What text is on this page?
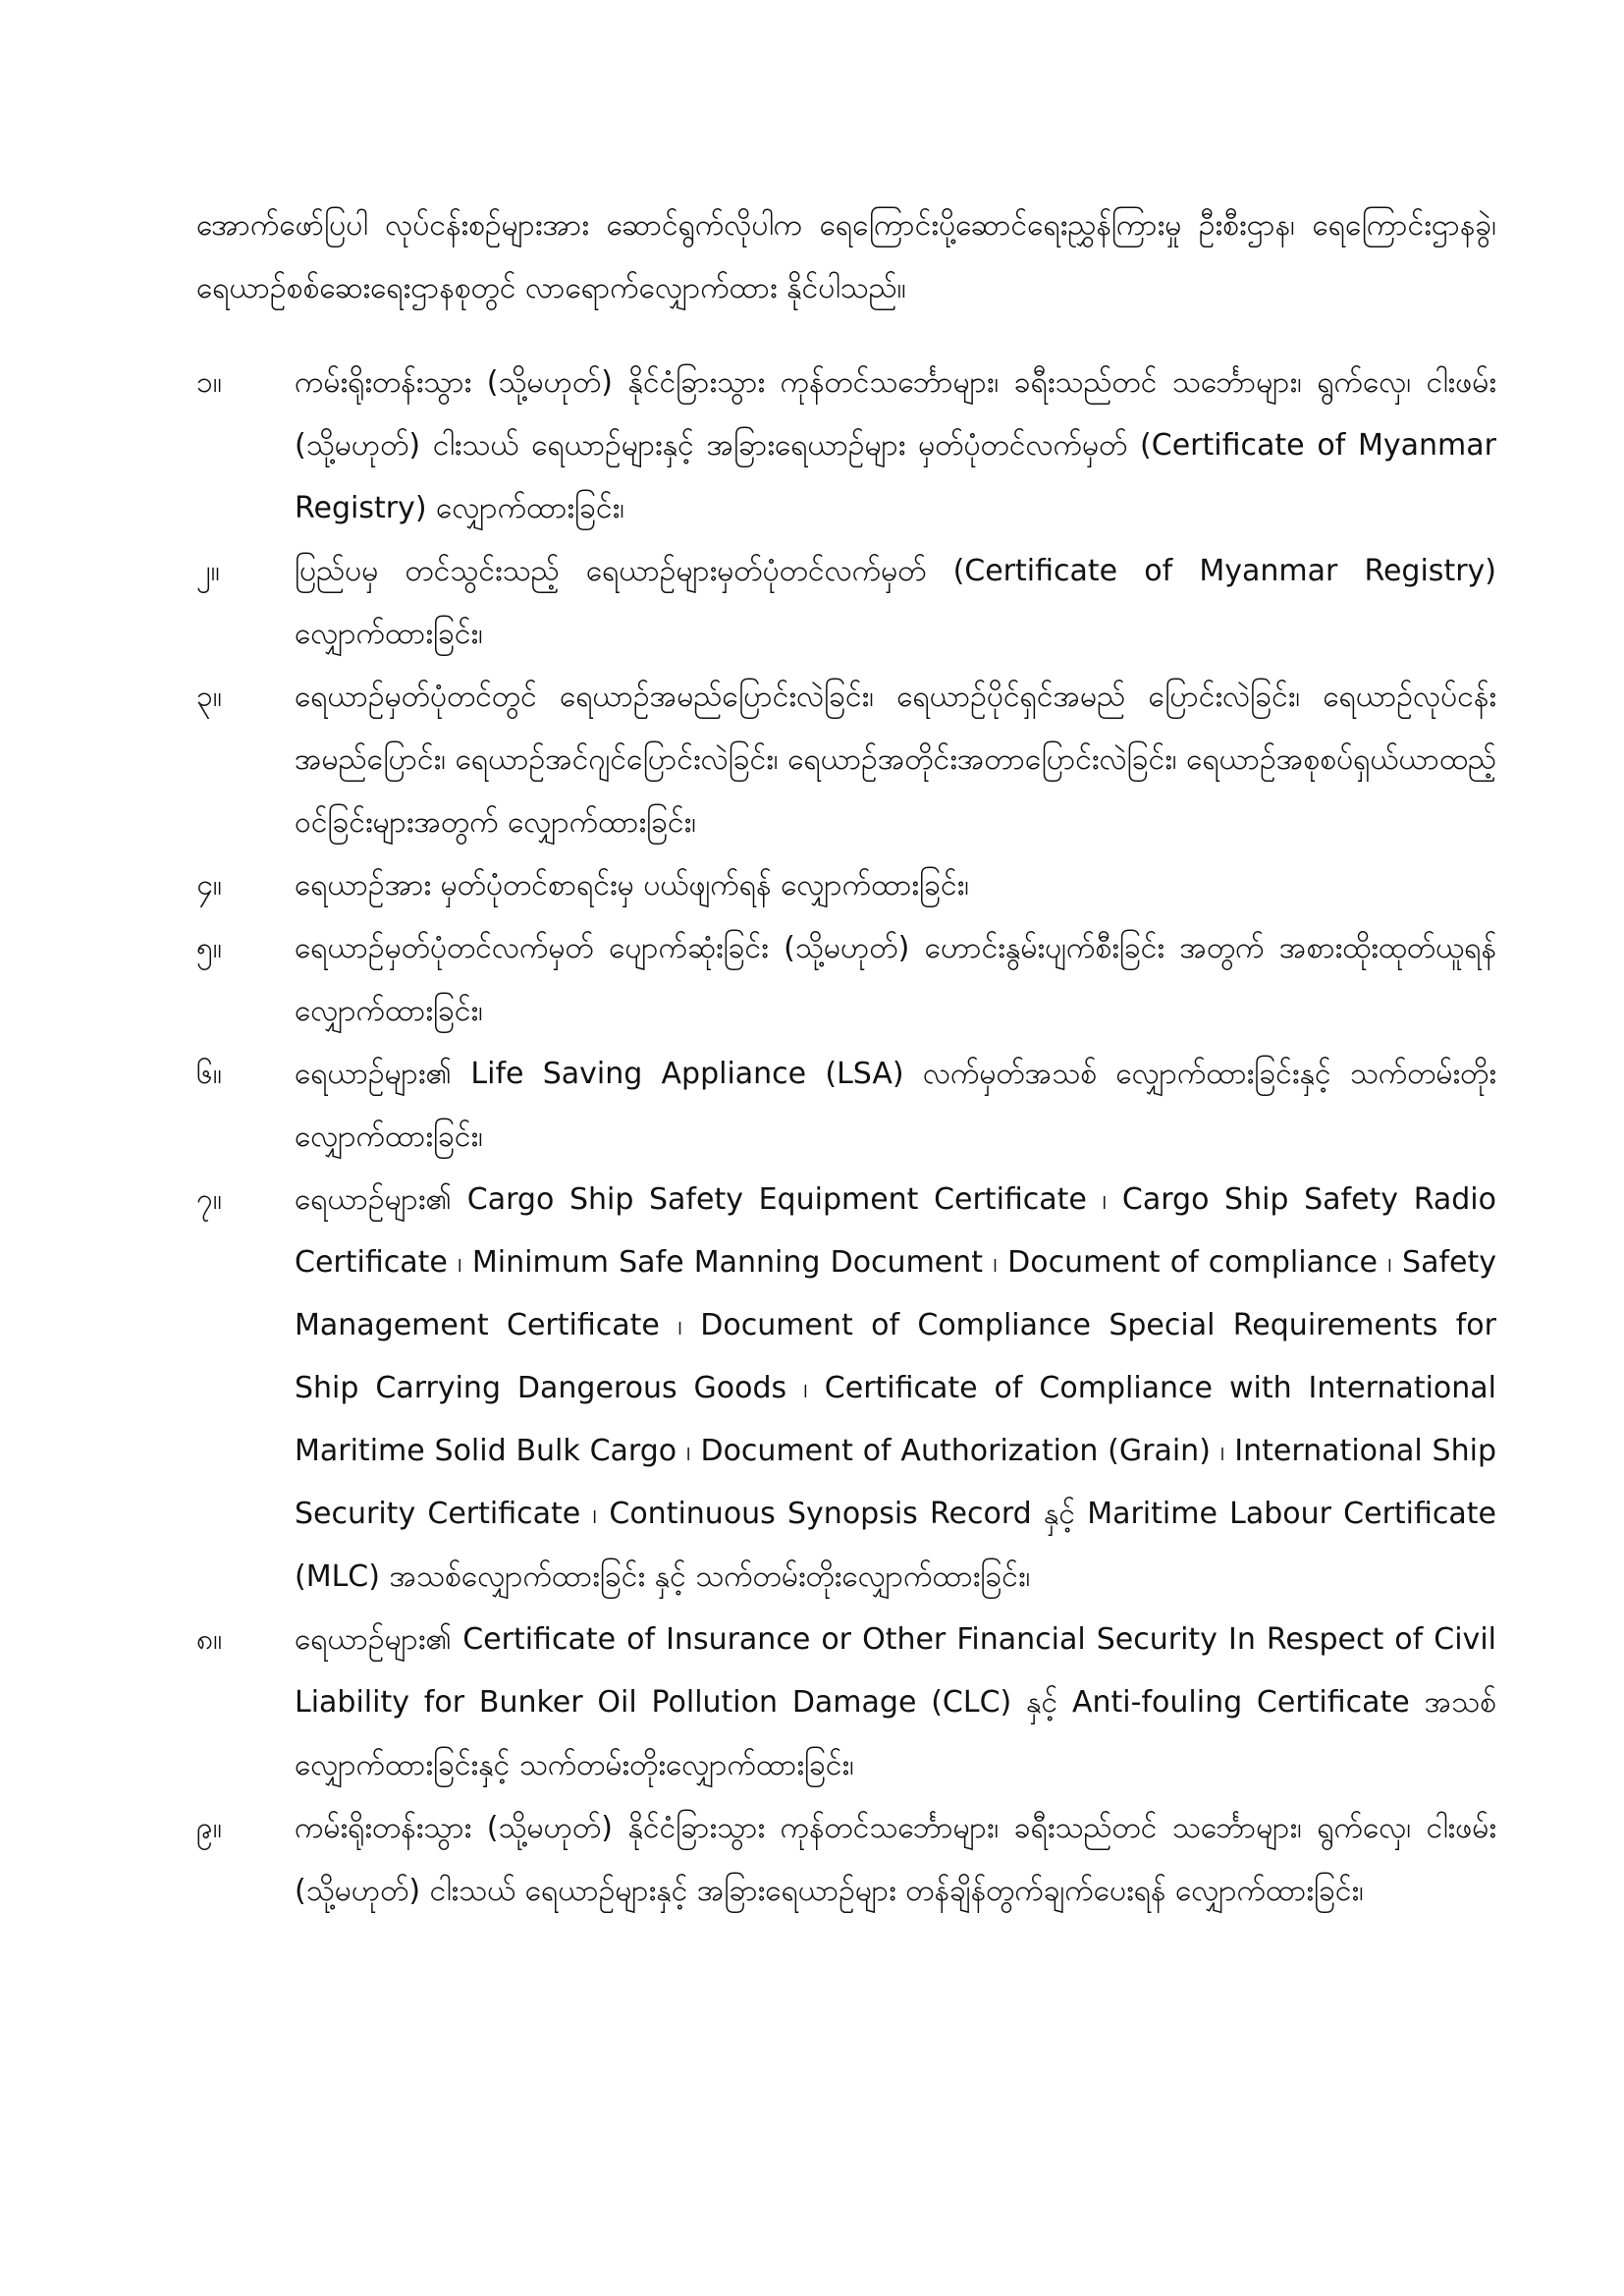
အောက်ဖော်ပြပါ လုပ်ငန်းစဉ်များအား ဆောင်ရွက်လိုပါက ရေကြောင်းပို့ဆောင်ရေးညွှန်ကြားမှု ဦးစီးဌာန၊ ရေကြောင်းဌာနခွဲ၊ ရေယာဉ်စစ်ဆေးရေးဌာနစုတွင် လာရောက်လျှောက်ထား နိုင်ပါသည်။

၁။	ကမ်းရိုးတန်းသွား (သို့မဟုတ်) နိုင်ငံခြားသွား ကုန်တင်သင်္ဘောများ၊ ခရီးသည်တင် သင်္ဘောများ၊ ရွက်လှေ၊ ငါးဖမ်း (သို့မဟုတ်) ငါးသယ် ရေယာဉ်များနှင့် အခြားရေယာဉ်များ မှတ်ပုံတင်လက်မှတ် (Certificate of Myanmar Registry) လျှောက်ထားခြင်း၊
၂။	ပြည်ပမှ တင်သွင်းသည့် ရေယာဉ်များမှတ်ပုံတင်လက်မှတ် (Certificate of Myanmar Registry) လျှောက်ထားခြင်း၊
၃။	ရေယာဉ်မှတ်ပုံတင်တွင် ရေယာဉ်အမည်ပြောင်းလဲခြင်း၊ ရေယာဉ်ပိုင်ရှင်အမည် ပြောင်းလဲခြင်း၊ ရေယာဉ်လုပ်ငန်းအမည်ပြောင်း၊ ရေယာဉ်အင်ဂျင်ပြောင်းလဲခြင်း၊ ရေယာဉ်အတိုင်းအတာပြောင်းလဲခြင်း၊ ရေယာဉ်အစုစပ်ရှယ်ယာထည့်ဝင်ခြင်းများအတွက် လျှောက်ထားခြင်း၊
၄။	ရေယာဉ်အား မှတ်ပုံတင်စာရင်းမှ ပယ်ဖျက်ရန် လျှောက်ထားခြင်း၊
၅။	ရေယာဉ်မှတ်ပုံတင်လက်မှတ် ပျောက်ဆုံးခြင်း (သို့မဟုတ်) ဟောင်းနွမ်းပျက်စီးခြင်း အတွက် အစားထိုးထုတ်ယူရန် လျှောက်ထားခြင်း၊
၆။	ရေယာဉ်များ၏ Life Saving Appliance (LSA) လက်မှတ်အသစ် လျှောက်ထားခြင်းနှင့် သက်တမ်းတိုးလျှောက်ထားခြင်း၊
၇။	ရေယာဉ်များ၏ Cargo Ship Safety Equipment Certificate ၊ Cargo Ship Safety Radio Certificate ၊ Minimum Safe Manning Document ၊ Document of compliance ၊ Safety Management Certificate ၊ Document of Compliance Special Requirements for Ship Carrying Dangerous Goods ၊ Certificate of Compliance with International Maritime Solid Bulk Cargo ၊ Document of Authorization (Grain) ၊ International Ship Security Certificate ၊ Continuous Synopsis Record နှင့် Maritime Labour Certificate (MLC) အသစ်လျှောက်ထားခြင်း နှင့် သက်တမ်းတိုးလျှောက်ထားခြင်း၊
၈။	ရေယာဉ်များ၏ Certificate of Insurance or Other Financial Security In Respect of Civil Liability for Bunker Oil Pollution Damage (CLC) နှင့် Anti-fouling Certificate အသစ်လျှောက်ထားခြင်းနှင့် သက်တမ်းတိုးလျှောက်ထားခြင်း၊
၉။	ကမ်းရိုးတန်းသွား (သို့မဟုတ်) နိုင်ငံခြားသွား ကုန်တင်သင်္ဘောများ၊ ခရီးသည်တင် သင်္ဘောများ၊ ရွက်လှေ၊ ငါးဖမ်း (သို့မဟုတ်) ငါးသယ် ရေယာဉ်များနှင့် အခြားရေယာဉ်များ တန်ချိန်တွက်ချက်ပေးရန် လျှောက်ထားခြင်း၊
